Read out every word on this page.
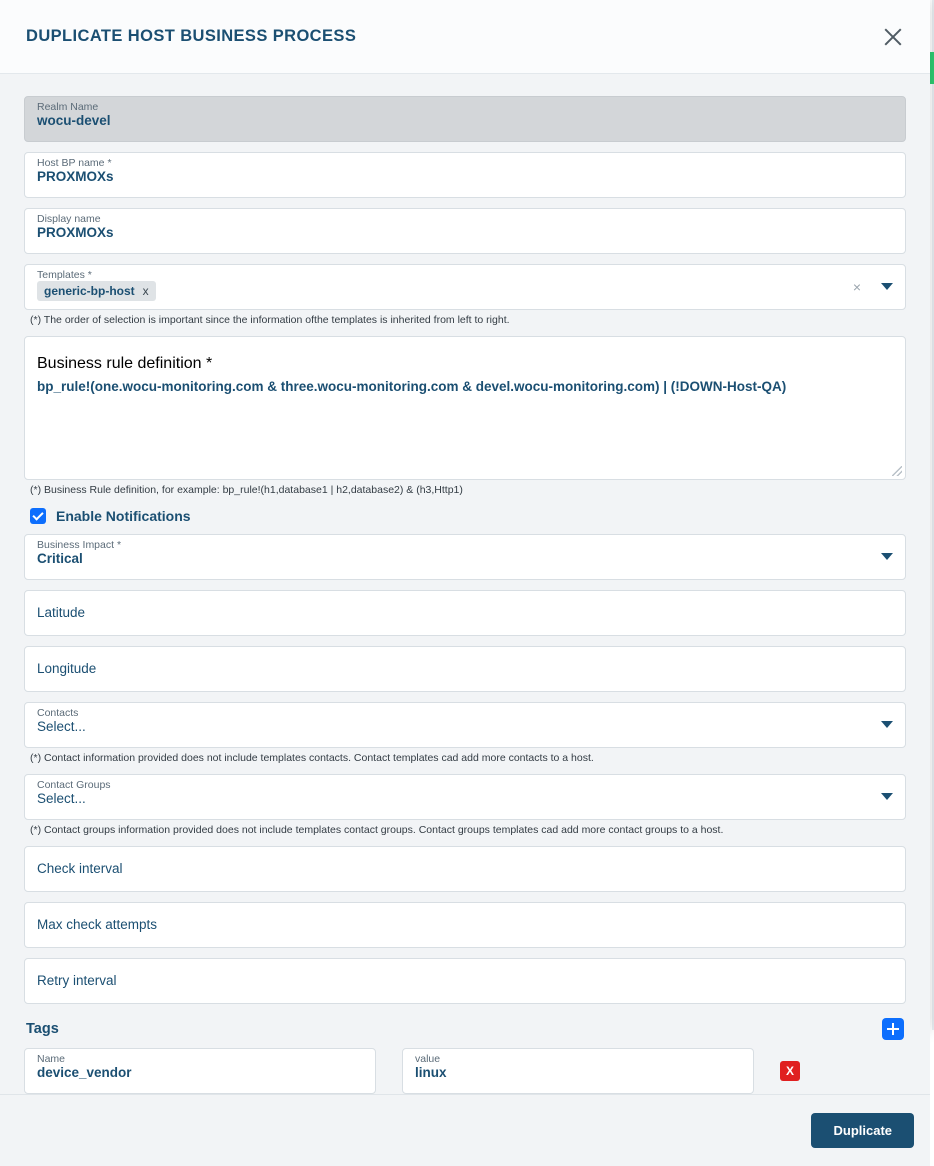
DUPLICATE HOST BUSINESS PROCESS
Realm Name
wocu-devel
Host BP name *
PROXMOXs
Display name
PROXMOXs
Templates *
generic-bp-host x	×
(*) The order of selection is important since the information ofthe templates is inherited from left to right.
Business rule definition *
bp_rule!(one.wocu-monitoring.com & three.wocu-monitoring.com & devel.wocu-monitoring.com) | (!DOWN-Host-QA)
(*) Business Rule definition, for example: bp_rule!(h1,database1 | h2,database2) & (h3,Http1)
Enable Notifications
Business Impact *
Critical
Latitude
Longitude
Contacts
Select...
(*) Contact information provided does not include templates contacts. Contact templates cad add more contacts to a host.
Contact Groups
Select...
(*) Contact groups information provided does not include templates contact groups. Contact groups templates cad add more contact groups to a host.
Check interval
Max check attempts
Retry interval
Tags
Name
device_vendor
value
linux	X
Duplicate
